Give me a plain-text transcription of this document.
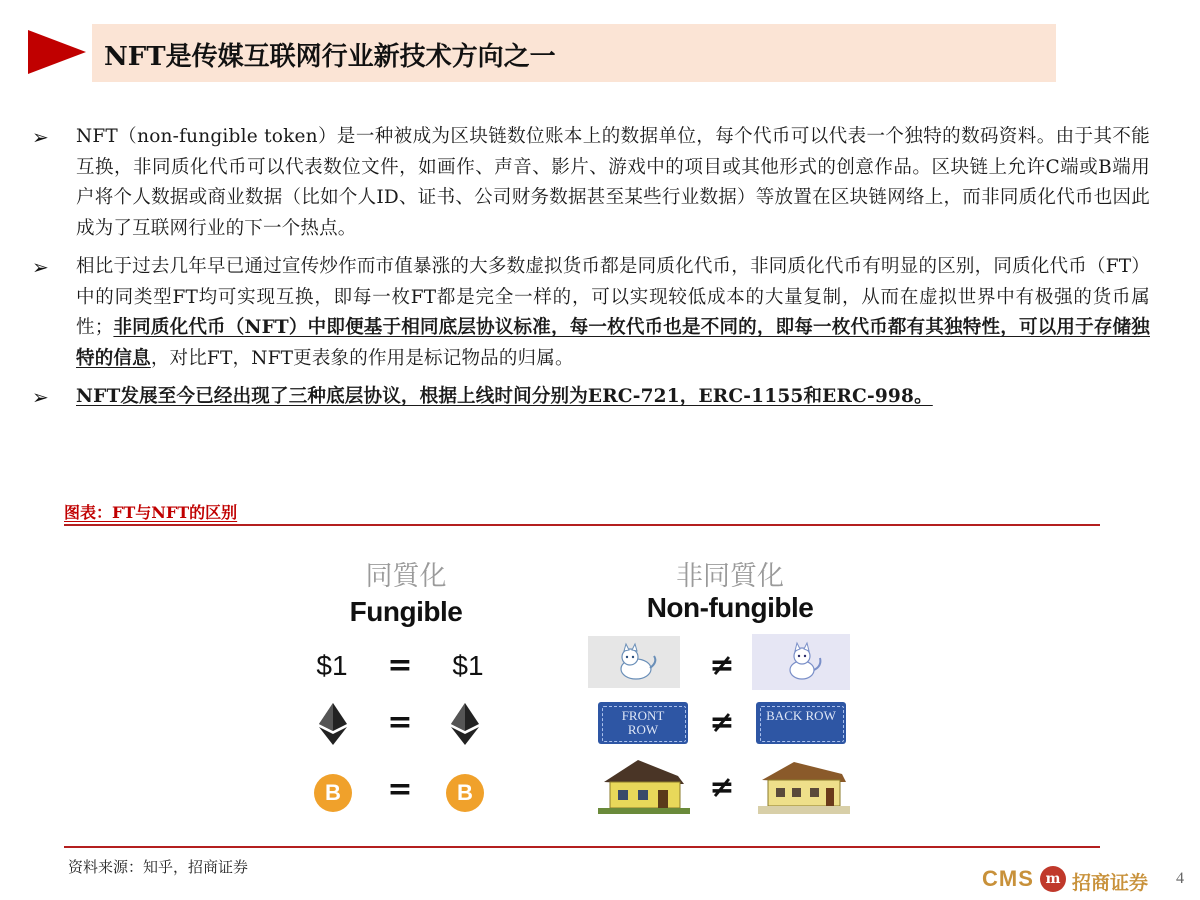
NFT是传媒互联网行业新技术方向之一
➢ NFT（non-fungible token）是一种被成为区块链数位账本上的数据单位，每个代币可以代表一个独特的数码资料。由于其不能互换，非同质化代币可以代表数位文件，如画作、声音、影片、游戏中的项目或其他形式的创意作品。区块链上允许C端或B端用户将个人数据或商业数据（比如个人ID、证书、公司财务数据甚至某些行业数据）等放置在区块链网络上，而非同质化代币也因此成为了互联网行业的下一个热点。

➢ 相比于过去几年早已通过宣传炒作而市值暴涨的大多数虚拟货币都是同质化代币，非同质化代币有明显的区别，同质化代币（FT）中的同类型FT均可实现互换，即每一枚FT都是完全一样的，可以实现较低成本的大量复制，从而在虚拟世界中有极强的货币属性；非同质化代币（NFT）中即便基于相同底层协议标准，每一枚代币也是不同的，即每一枚代币都有其独特性，可以用于存储独特的信息，对比FT，NFT更表象的作用是标记物品的归属。

➢ NFT发展至今已经出现了三种底层协议，根据上线时间分别为ERC-721，ERC-1155和ERC-998。

图表：FT与NFT的区别
同質化
Fungible
$1	=	$1
=
B	=	B
非同質化
Non-fungible
≠
FRONT ROW	≠	BACK ROW
≠
资料来源：知乎，招商证券	CMS m 招商证券 4
